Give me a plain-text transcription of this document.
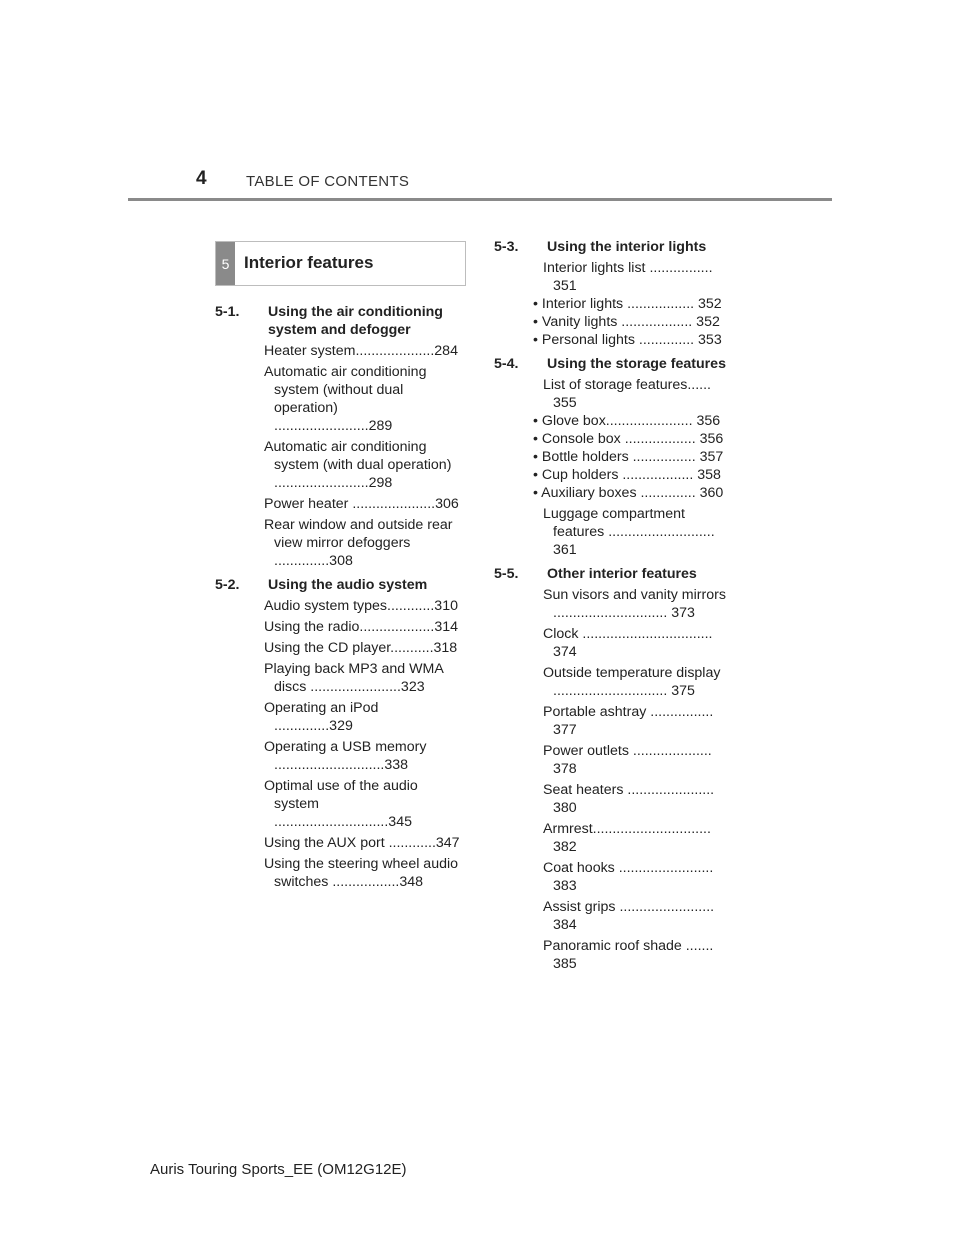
4	TABLE OF CONTENTS
5 Interior features
5-1. Using the air conditioning system and defogger
Heater system....................284
Automatic air conditioning system (without dual operation) ........................289
Automatic air conditioning system (with dual operation) ........................298
Power heater .....................306
Rear window and outside rear view mirror defoggers ..............308
5-2. Using the audio system
Audio system types............310
Using the radio...................314
Using the CD player...........318
Playing back MP3 and WMA discs .......................323
Operating an iPod ..............329
Operating a USB memory ............................338
Optimal use of the audio system .............................345
Using the AUX port ............347
Using the steering wheel audio switches .................348
5-3. Using the interior lights
Interior lights list ................ 351
• Interior lights ................. 352
• Vanity lights .................. 352
• Personal lights .............. 353
5-4. Using the storage features
List of storage features...... 355
• Glove box...................... 356
• Console box .................. 356
• Bottle holders ................ 357
• Cup holders .................. 358
• Auxiliary boxes .............. 360
Luggage compartment features ........................... 361
5-5. Other interior features
Sun visors and vanity mirrors ............................. 373
Clock ................................. 374
Outside temperature display ............................. 375
Portable ashtray ................ 377
Power outlets .................... 378
Seat heaters ...................... 380
Armrest.............................. 382
Coat hooks ........................ 383
Assist grips ........................ 384
Panoramic roof shade ....... 385
Auris Touring Sports_EE (OM12G12E)
